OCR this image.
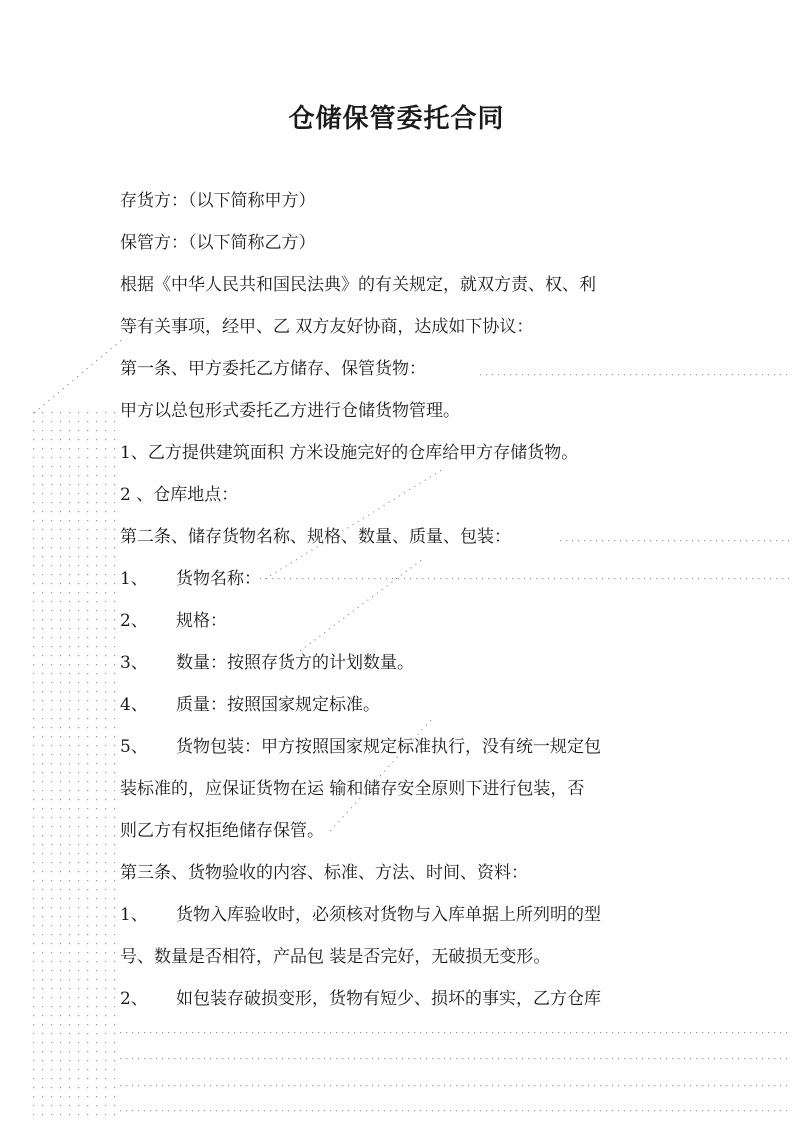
仓储保管委托合同

存货方：（以下简称甲方）

保管方：（以下简称乙方）

根据《中华人民共和国民法典》的有关规定，就双方责、权、利

等有关事项，经甲、乙 双方友好协商，达成如下协议：

第一条、甲方委托乙方储存、保管货物：

甲方以总包形式委托乙方进行仓储货物管理。

1、乙方提供建筑面积 方米设施完好的仓库给甲方存储货物。

2 、仓库地点：

第二条、储存货物名称、规格、数量、质量、包装：

1、 货物名称：

2、 规格：

3、 数量：按照存货方的计划数量。

4、 质量：按照国家规定标准。

5、 货物包装：甲方按照国家规定标准执行，没有统一规定包

装标准的，应保证货物在运 输和储存安全原则下进行包装，否

则乙方有权拒绝储存保管。

第三条、货物验收的内容、标准、方法、时间、资料：

1、 货物入库验收时，必须核对货物与入库单据上所列明的型

号、数量是否相符，产品包 装是否完好，无破损无变形。

2、 如包装存破损变形，货物有短少、损坏的事实，乙方仓库
